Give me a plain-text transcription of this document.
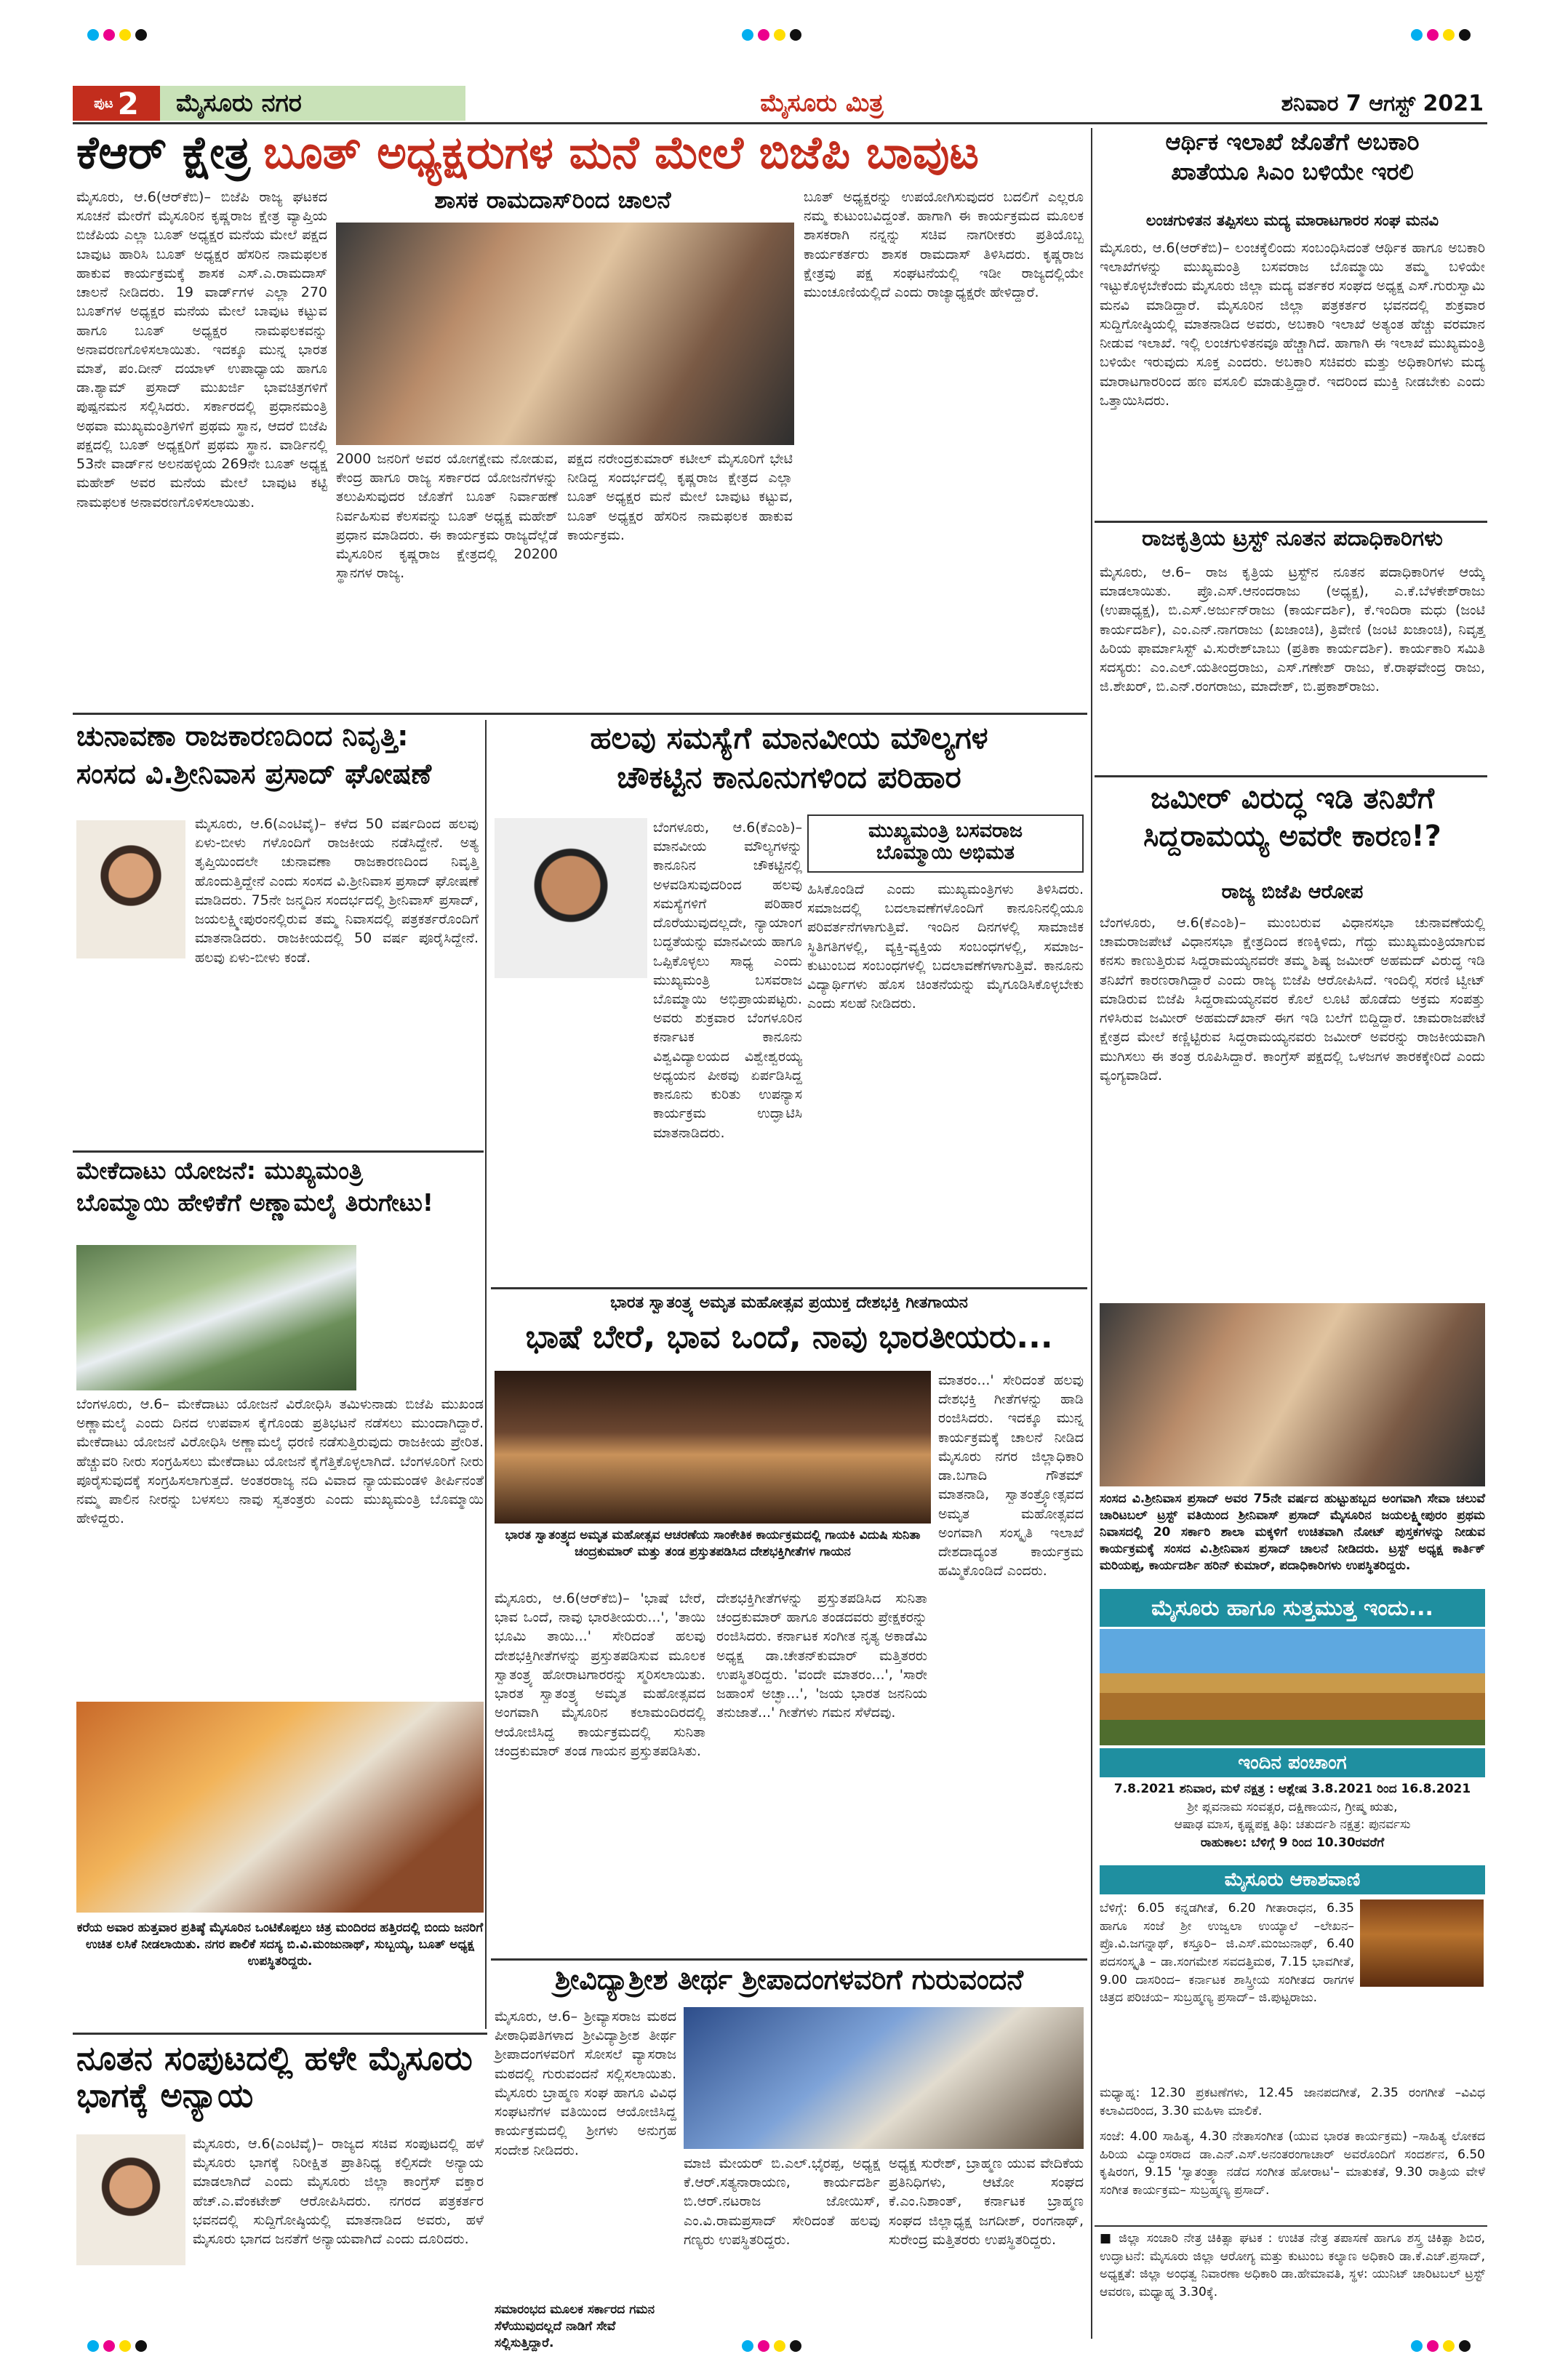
ಪುಟ 2	ಮೈಸೂರು ನಗರ	ಮೈಸೂರು ಮಿತ್ರ	ಶನಿವಾರ 7 ಆಗಸ್ಟ್ 2021
ಕೆಆರ್ ಕ್ಷೇತ್ರ ಬೂತ್ ಅಧ್ಯಕ್ಷರುಗಳ ಮನೆ ಮೇಲೆ ಬಿಜೆಪಿ ಬಾವುಟ
ಮೈಸೂರು, ಆ.6(ಆರ್‌ಕೆಬಿ)– ಬಿಜೆಪಿ ರಾಜ್ಯ ಘಟಕದ ಸೂಚನೆ ಮೇರೆಗೆ ಮೈಸೂರಿನ ಕೃಷ್ಣರಾಜ ಕ್ಷೇತ್ರ ವ್ಯಾಪ್ತಿಯ ಬಿಜೆಪಿಯ ಎಲ್ಲಾ ಬೂತ್ ಅಧ್ಯಕ್ಷರ ಮನೆಯ ಮೇಲೆ ಪಕ್ಷದ ಬಾವುಟ ಹಾರಿಸಿ ಬೂತ್ ಅಧ್ಯಕ್ಷರ ಹೆಸರಿನ ನಾಮಫಲಕ ಹಾಕುವ ಕಾರ್ಯಕ್ರಮಕ್ಕೆ ಶಾಸಕ ಎಸ್.ಎ.ರಾಮದಾಸ್ ಚಾಲನೆ ನೀಡಿದರು. 19 ವಾರ್ಡ್‌ಗಳ ಎಲ್ಲಾ 270 ಬೂತ್‌ಗಳ ಅಧ್ಯಕ್ಷರ ಮನೆಯ ಮೇಲೆ ಬಾವುಟ ಕಟ್ಟುವ ಹಾಗೂ ಬೂತ್ ಅಧ್ಯಕ್ಷರ ನಾಮಫಲಕವನ್ನು ಅನಾವರಣಗೊಳಿಸಲಾಯಿತು. ಇದಕ್ಕೂ ಮುನ್ನ ಭಾರತ ಮಾತೆ, ಪಂ.ದೀನ್ ದಯಾಳ್ ಉಪಾಧ್ಯಾಯ ಹಾಗೂ ಡಾ.ಶ್ಯಾಮ್ ಪ್ರಸಾದ್ ಮುಖರ್ಜಿ ಭಾವಚಿತ್ರಗಳಿಗೆ ಪುಷ್ಪನಮನ ಸಲ್ಲಿಸಿದರು. ಸರ್ಕಾರದಲ್ಲಿ ಪ್ರಧಾನಮಂತ್ರಿ ಅಥವಾ ಮುಖ್ಯಮಂತ್ರಿಗಳಿಗೆ ಪ್ರಥಮ ಸ್ಥಾನ, ಆದರೆ ಬಿಜೆಪಿ ಪಕ್ಷದಲ್ಲಿ ಬೂತ್ ಅಧ್ಯಕ್ಷರಿಗೆ ಪ್ರಥಮ ಸ್ಥಾನ. ವಾರ್ಡಿನಲ್ಲಿ 53ನೇ ವಾರ್ಡ್‌ನ ಅಲನಹಳ್ಳಿಯ 269ನೇ ಬೂತ್ ಅಧ್ಯಕ್ಷ ಮಹೇಶ್ ಅವರ ಮನೆಯ ಮೇಲೆ ಬಾವುಟ ಕಟ್ಟಿ ನಾಮಫಲಕ ಅನಾವರಣಗೊಳಿಸಲಾಯಿತು.
ಶಾಸಕ ರಾಮದಾಸ್‌ರಿಂದ ಚಾಲನೆ
2000 ಜನರಿಗೆ ಅವರ ಯೋಗಕ್ಷೇಮ ನೋಡುವ, ಕೇಂದ್ರ ಹಾಗೂ ರಾಜ್ಯ ಸರ್ಕಾರದ ಯೋಜನೆಗಳನ್ನು ತಲುಪಿಸುವುದರ ಜೊತೆಗೆ ಬೂತ್ ನಿರ್ವಾಹಣೆ ನಿರ್ವಹಿಸುವ ಕೆಲಸವನ್ನು ಬೂತ್ ಅಧ್ಯಕ್ಷ ಮಹೇಶ್ ಪ್ರಧಾನ ಮಾಡಿದರು. ಈ ಕಾರ್ಯಕ್ರಮ ರಾಜ್ಯದೆಲ್ಲೆಡೆ ಮೈಸೂರಿನ ಕೃಷ್ಣರಾಜ ಕ್ಷೇತ್ರದಲ್ಲಿ 20200 ಸ್ಥಾನಗಳ ರಾಜ್ಯ.
ಪಕ್ಷದ ನರೇಂದ್ರಕುಮಾರ್ ಕಟೀಲ್ ಮೈಸೂರಿಗೆ ಭೇಟಿ ನೀಡಿದ್ದ ಸಂದರ್ಭದಲ್ಲಿ ಕೃಷ್ಣರಾಜ ಕ್ಷೇತ್ರದ ಎಲ್ಲಾ ಬೂತ್ ಅಧ್ಯಕ್ಷರ ಮನೆ ಮೇಲೆ ಬಾವುಟ ಕಟ್ಟುವ, ಬೂತ್ ಅಧ್ಯಕ್ಷರ ಹೆಸರಿನ ನಾಮಫಲಕ ಹಾಕುವ ಕಾರ್ಯಕ್ರಮ.
ಬೂತ್ ಅಧ್ಯಕ್ಷರನ್ನು ಉಪಯೋಗಿಸುವುದರ ಬದಲಿಗೆ ಎಲ್ಲರೂ ನಮ್ಮ ಕುಟುಂಬವಿದ್ದಂತೆ. ಹಾಗಾಗಿ ಈ ಕಾರ್ಯಕ್ರಮದ ಮೂಲಕ ಶಾಸಕರಾಗಿ ನನ್ನನ್ನು ಸಚಿವ ನಾಗರೀಕರು ಪ್ರತಿಯೊಬ್ಬ ಕಾರ್ಯಕರ್ತರು ಶಾಸಕ ರಾಮದಾಸ್ ತಿಳಿಸಿದರು. ಕೃಷ್ಣರಾಜ ಕ್ಷೇತ್ರವು ಪಕ್ಷ ಸಂಘಟನೆಯಲ್ಲಿ ಇಡೀ ರಾಜ್ಯದಲ್ಲಿಯೇ ಮುಂಚೂಣಿಯಲ್ಲಿದೆ ಎಂದು ರಾಜ್ಯಾಧ್ಯಕ್ಷರೇ ಹೇಳಿದ್ದಾರೆ.
ಚುನಾವಣಾ ರಾಜಕಾರಣದಿಂದ ನಿವೃತ್ತಿ:
ಸಂಸದ ವಿ.ಶ್ರೀನಿವಾಸ ಪ್ರಸಾದ್ ಘೋಷಣೆ
ಮೈಸೂರು, ಆ.6(ಎಂಟಿವೈ)– ಕಳೆದ 50 ವರ್ಷದಿಂದ ಹಲವು ಏಳು-ಬೀಳು ಗಳೊಂದಿಗೆ ರಾಜಕೀಯ ನಡೆಸಿದ್ದೇನೆ. ಅತ್ಯ ತೃಪ್ತಿಯಿಂದಲೇ ಚುನಾವಣಾ ರಾಜಕಾರಣದಿಂದ ನಿವೃತ್ತಿ ಹೊಂದುತ್ತಿದ್ದೇನೆ ಎಂದು ಸಂಸದ ವಿ.ಶ್ರೀನಿವಾಸ ಪ್ರಸಾದ್ ಘೋಷಣೆ ಮಾಡಿದರು. 75ನೇ ಜನ್ಮದಿನ ಸಂದರ್ಭದಲ್ಲಿ ಶ್ರೀನಿವಾಸ್ ಪ್ರಸಾದ್, ಜಯಲಕ್ಷ್ಮೀಪುರಂನಲ್ಲಿರುವ ತಮ್ಮ ನಿವಾಸದಲ್ಲಿ ಪತ್ರಕರ್ತರೊಂದಿಗೆ ಮಾತನಾಡಿದರು. ರಾಜಕೀಯದಲ್ಲಿ 50 ವರ್ಷ ಪೂರೈಸಿದ್ದೇನೆ. ಹಲವು ಏಳು-ಬೀಳು ಕಂಡೆ.
ಮೇಕೆದಾಟು ಯೋಜನೆ: ಮುಖ್ಯಮಂತ್ರಿ
ಬೊಮ್ಮಾಯಿ ಹೇಳಿಕೆಗೆ ಅಣ್ಣಾಮಲೈ ತಿರುಗೇಟು!
ಬೆಂಗಳೂರು, ಆ.6– ಮೇಕೆದಾಟು ಯೋಜನೆ ವಿರೋಧಿಸಿ ತಮಿಳುನಾಡು ಬಿಜೆಪಿ ಮುಖಂಡ ಅಣ್ಣಾಮಲೈ ಎಂದು ದಿನದ ಉಪವಾಸ ಕೈಗೊಂಡು ಪ್ರತಿಭಟನೆ ನಡೆಸಲು ಮುಂದಾಗಿದ್ದಾರೆ. ಮೇಕೆದಾಟು ಯೋಜನೆ ವಿರೋಧಿಸಿ ಅಣ್ಣಾಮಲೈ ಧರಣಿ ನಡೆಸುತ್ತಿರುವುದು ರಾಜಕೀಯ ಪ್ರೇರಿತ. ಹೆಚ್ಚುವರಿ ನೀರು ಸಂಗ್ರಹಿಸಲು ಮೇಕೆದಾಟು ಯೋಜನೆ ಕೈಗೆತ್ತಿಕೊಳ್ಳಲಾಗಿದೆ. ಬೆಂಗಳೂರಿಗೆ ನೀರು ಪೂರೈಸುವುದಕ್ಕೆ ಸಂಗ್ರಹಿಸಲಾಗುತ್ತದೆ. ಅಂತರರಾಜ್ಯ ನದಿ ವಿವಾದ ನ್ಯಾಯಮಂಡಳಿ ತೀರ್ಪಿನಂತೆ ನಮ್ಮ ಪಾಲಿನ ನೀರನ್ನು ಬಳಸಲು ನಾವು ಸ್ವತಂತ್ರರು ಎಂದು ಮುಖ್ಯಮಂತ್ರಿ ಬೊಮ್ಮಾಯಿ ಹೇಳಿದ್ದರು.
ಕರೆಯ ಅವಾರ ಹುತ್ತವಾರ ಪ್ರತಿಷ್ಠೆ ಮೈಸೂರಿನ ಒಂಟಿಕೊಪ್ಪಲು ಚಿತ್ರ ಮಂದಿರದ ಹತ್ತಿರದಲ್ಲಿ ಬಿಂದು ಜನರಿಗೆ ಉಚಿತ ಲಸಿಕೆ ನೀಡಲಾಯಿತು. ನಗರ ಪಾಲಿಕೆ ಸದಸ್ಯ ಬಿ.ವಿ.ಮಂಜುನಾಥ್, ಸುಬ್ಬಯ್ಯ, ಬೂತ್ ಅಧ್ಯಕ್ಷ ಉಪಸ್ಥಿತರಿದ್ದರು.
ಹಲವು ಸಮಸ್ಯೆಗೆ ಮಾನವೀಯ ಮೌಲ್ಯಗಳ
ಚೌಕಟ್ಟಿನ ಕಾನೂನುಗಳಿಂದ ಪರಿಹಾರ
ಬೆಂಗಳೂರು, ಆ.6(ಕೆಎಂಶಿ)– ಮಾನವೀಯ ಮೌಲ್ಯಗಳನ್ನು ಕಾನೂನಿನ ಚೌಕಟ್ಟಿನಲ್ಲಿ ಅಳವಡಿಸುವುದರಿಂದ ಹಲವು ಸಮಸ್ಯೆಗಳಿಗೆ ಪರಿಹಾರ ದೊರೆಯುವುದಲ್ಲದೇ, ನ್ಯಾಯಾಂಗ ಬದ್ಧತೆಯನ್ನು ಮಾನವೀಯ ಹಾಗೂ ಒಪ್ಪಿಕೊಳ್ಳಲು ಸಾಧ್ಯ ಎಂದು ಮುಖ್ಯಮಂತ್ರಿ ಬಸವರಾಜ ಬೊಮ್ಮಾಯಿ ಅಭಿಪ್ರಾಯಪಟ್ಟರು. ಅವರು ಶುಕ್ರವಾರ ಬೆಂಗಳೂರಿನ ಕರ್ನಾಟಕ ಕಾನೂನು ವಿಶ್ವವಿದ್ಯಾಲಯದ ವಿಶ್ವೇಶ್ವರಯ್ಯ ಅಧ್ಯಯನ ಪೀಠವು ಏರ್ಪಡಿಸಿದ್ದ ಕಾನೂನು ಕುರಿತು ಉಪನ್ಯಾಸ ಕಾರ್ಯಕ್ರಮ ಉದ್ಘಾಟಿಸಿ ಮಾತನಾಡಿದರು.
ಮುಖ್ಯಮಂತ್ರಿ ಬಸವರಾಜ
ಬೊಮ್ಮಾಯಿ ಅಭಿಮತ
ಹಿಸಿಕೊಂಡಿದೆ ಎಂದು ಮುಖ್ಯಮಂತ್ರಿಗಳು ತಿಳಿಸಿದರು. ಸಮಾಜದಲ್ಲಿ ಬದಲಾವಣೆಗಳೊಂದಿಗೆ ಕಾನೂನಿನಲ್ಲಿಯೂ ಪರಿವರ್ತನೆಗಳಾಗುತ್ತಿವೆ. ಇಂದಿನ ದಿನಗಳಲ್ಲಿ ಸಾಮಾಜಿಕ ಸ್ಥಿತಿಗತಿಗಳಲ್ಲಿ, ವ್ಯಕ್ತಿ-ವ್ಯಕ್ತಿಯ ಸಂಬಂಧಗಳಲ್ಲಿ, ಸಮಾಜ-ಕುಟುಂಬದ ಸಂಬಂಧಗಳಲ್ಲಿ ಬದಲಾವಣೆಗಳಾಗುತ್ತಿವೆ. ಕಾನೂನು ವಿದ್ಯಾರ್ಥಿಗಳು ಹೊಸ ಚಿಂತನೆಯನ್ನು ಮೈಗೂಡಿಸಿಕೊಳ್ಳಬೇಕು ಎಂದು ಸಲಹೆ ನೀಡಿದರು.
ಭಾರತ ಸ್ವಾತಂತ್ರ್ಯ ಅಮೃತ ಮಹೋತ್ಸವ ಪ್ರಯುಕ್ತ ದೇಶಭಕ್ತಿ ಗೀತಗಾಯನ
ಭಾಷೆ ಬೇರೆ, ಭಾವ ಒಂದೆ, ನಾವು ಭಾರತೀಯರು...
ಭಾರತ ಸ್ವಾತಂತ್ರ್ಯದ ಅಮೃತ ಮಹೋತ್ಸವ ಆಚರಣೆಯ ಸಾಂಕೇತಿಕ ಕಾರ್ಯಕ್ರಮದಲ್ಲಿ ಗಾಯಕಿ ವಿದುಷಿ ಸುನಿತಾ ಚಂದ್ರಕುಮಾರ್ ಮತ್ತು ತಂಡ ಪ್ರಸ್ತುತಪಡಿಸಿದ ದೇಶಭಕ್ತಿಗೀತೆಗಳ ಗಾಯನ
ಮೈಸೂರು, ಆ.6(ಆರ್‌ಕೆಬಿ)– 'ಭಾಷೆ ಬೇರೆ, ಭಾವ ಒಂದೆ, ನಾವು ಭಾರತೀಯರು...', 'ತಾಯಿ ಭೂಮಿ ತಾಯಿ...' ಸೇರಿದಂತೆ ಹಲವು ದೇಶಭಕ್ತಿಗೀತೆಗಳನ್ನು ಪ್ರಸ್ತುತಪಡಿಸುವ ಮೂಲಕ ಸ್ವಾತಂತ್ರ್ಯ ಹೋರಾಟಗಾರರನ್ನು ಸ್ಮರಿಸಲಾಯಿತು. ಭಾರತ ಸ್ವಾತಂತ್ರ್ಯ ಅಮೃತ ಮಹೋತ್ಸವದ ಅಂಗವಾಗಿ ಮೈಸೂರಿನ ಕಲಾಮಂದಿರದಲ್ಲಿ ಆಯೋಜಿಸಿದ್ದ ಕಾರ್ಯಕ್ರಮದಲ್ಲಿ ಸುನಿತಾ ಚಂದ್ರಕುಮಾರ್ ತಂಡ ಗಾಯನ ಪ್ರಸ್ತುತಪಡಿಸಿತು.
ದೇಶಭಕ್ತಿಗೀತೆಗಳನ್ನು ಪ್ರಸ್ತುತಪಡಿಸಿದ ಸುನಿತಾ ಚಂದ್ರಕುಮಾರ್ ಹಾಗೂ ತಂಡದವರು ಪ್ರೇಕ್ಷಕರನ್ನು ರಂಜಿಸಿದರು. ಕರ್ನಾಟಕ ಸಂಗೀತ ನೃತ್ಯ ಅಕಾಡೆಮಿ ಅಧ್ಯಕ್ಷ ಡಾ.ಚೇತನ್‌ಕುಮಾರ್ ಮತ್ತಿತರರು ಉಪಸ್ಥಿತರಿದ್ದರು. 'ವಂದೇ ಮಾತರಂ...', 'ಸಾರೇ ಜಹಾಂಸೆ ಅಚ್ಛಾ...', 'ಜಯ ಭಾರತ ಜನನಿಯ ತನುಜಾತೆ...' ಗೀತೆಗಳು ಗಮನ ಸೆಳೆದವು.
ಮಾತರಂ...' ಸೇರಿದಂತೆ ಹಲವು ದೇಶಭಕ್ತಿ ಗೀತೆಗಳನ್ನು ಹಾಡಿ ರಂಜಿಸಿದರು. ಇದಕ್ಕೂ ಮುನ್ನ ಕಾರ್ಯಕ್ರಮಕ್ಕೆ ಚಾಲನೆ ನೀಡಿದ ಮೈಸೂರು ನಗರ ಜಿಲ್ಲಾಧಿಕಾರಿ ಡಾ.ಬಗಾದಿ ಗೌತಮ್ ಮಾತನಾಡಿ, ಸ್ವಾತಂತ್ರ್ಯೋತ್ಸವದ ಅಮೃತ ಮಹೋತ್ಸವದ ಅಂಗವಾಗಿ ಸಂಸ್ಕೃತಿ ಇಲಾಖೆ ದೇಶದಾದ್ಯಂತ ಕಾರ್ಯಕ್ರಮ ಹಮ್ಮಿಕೊಂಡಿದೆ ಎಂದರು.
ಶ್ರೀವಿದ್ಯಾಶ್ರೀಶ ತೀರ್ಥ ಶ್ರೀಪಾದಂಗಳವರಿಗೆ ಗುರುವಂದನೆ
ಮೈಸೂರು, ಆ.6– ಶ್ರೀವ್ಯಾಸರಾಜ ಮಠದ ಪೀಠಾಧಿಪತಿಗಳಾದ ಶ್ರೀವಿದ್ಯಾಶ್ರೀಶ ತೀರ್ಥ ಶ್ರೀಪಾದಂಗಳವರಿಗೆ ಸೋಸಲೆ ವ್ಯಾಸರಾಜ ಮಠದಲ್ಲಿ ಗುರುವಂದನೆ ಸಲ್ಲಿಸಲಾಯಿತು. ಮೈಸೂರು ಬ್ರಾಹ್ಮಣ ಸಂಘ ಹಾಗೂ ವಿವಿಧ ಸಂಘಟನೆಗಳ ವತಿಯಿಂದ ಆಯೋಜಿಸಿದ್ದ ಕಾರ್ಯಕ್ರಮದಲ್ಲಿ ಶ್ರೀಗಳು ಅನುಗ್ರಹ ಸಂದೇಶ ನೀಡಿದರು.
ಮಾಜಿ ಮೇಯರ್ ಬಿ.ಎಲ್.ಭೈರಪ್ಪ, ಅಧ್ಯಕ್ಷ ಕೆ.ಆರ್.ಸತ್ಯನಾರಾಯಣ, ಕಾರ್ಯದರ್ಶಿ ಬಿ.ಆರ್.ನಟರಾಜ ಜೋಯಿಸ್, ಎಂ.ವಿ.ರಾಮಪ್ರಸಾದ್ ಸೇರಿದಂತೆ ಹಲವು ಗಣ್ಯರು ಉಪಸ್ಥಿತರಿದ್ದರು.
ಅಧ್ಯಕ್ಷ ಸುರೇಶ್, ಬ್ರಾಹ್ಮಣ ಯುವ ವೇದಿಕೆಯ ಪ್ರತಿನಿಧಿಗಳು, ಆಟೋ ಸಂಘದ ಕೆ.ಎಂ.ನಿಶಾಂತ್, ಕರ್ನಾಟಕ ಬ್ರಾಹ್ಮಣ ಸಂಘದ ಜಿಲ್ಲಾಧ್ಯಕ್ಷ ಜಗದೀಶ್, ರಂಗನಾಥ್, ಸುರೇಂದ್ರ ಮತ್ತಿತರರು ಉಪಸ್ಥಿತರಿದ್ದರು.
ಸಮಾರಂಭದ ಮೂಲಕ ಸರ್ಕಾರದ ಗಮನ ಸೆಳೆಯುವುದಲ್ಲದೆ ನಾಡಿಗೆ ಸೇವೆ ಸಲ್ಲಿಸುತ್ತಿದ್ದಾರೆ.
ನೂತನ ಸಂಪುಟದಲ್ಲಿ ಹಳೇ ಮೈಸೂರು ಭಾಗಕ್ಕೆ ಅನ್ಯಾಯ
ಮೈಸೂರು, ಆ.6(ಎಂಟಿವೈ)– ರಾಜ್ಯದ ಸಚಿವ ಸಂಪುಟದಲ್ಲಿ ಹಳೆ ಮೈಸೂರು ಭಾಗಕ್ಕೆ ನಿರೀಕ್ಷಿತ ಪ್ರಾತಿನಿಧ್ಯ ಕಲ್ಪಿಸದೇ ಅನ್ಯಾಯ ಮಾಡಲಾಗಿದೆ ಎಂದು ಮೈಸೂರು ಜಿಲ್ಲಾ ಕಾಂಗ್ರೆಸ್ ವಕ್ತಾರ ಹೆಚ್.ಎ.ವೆಂಕಟೇಶ್ ಆರೋಪಿಸಿದರು. ನಗರದ ಪತ್ರಕರ್ತರ ಭವನದಲ್ಲಿ ಸುದ್ದಿಗೋಷ್ಠಿಯಲ್ಲಿ ಮಾತನಾಡಿದ ಅವರು, ಹಳೆ ಮೈಸೂರು ಭಾಗದ ಜನತೆಗೆ ಅನ್ಯಾಯವಾಗಿದೆ ಎಂದು ದೂರಿದರು.
ಆರ್ಥಿಕ ಇಲಾಖೆ ಜೊತೆಗೆ ಅಬಕಾರಿ
ಖಾತೆಯೂ ಸಿಎಂ ಬಳಿಯೇ ಇರಲಿ
ಲಂಚಗುಳಿತನ ತಪ್ಪಿಸಲು ಮದ್ಯ ಮಾರಾಟಗಾರರ ಸಂಘ ಮನವಿ
ಮೈಸೂರು, ಆ.6(ಆರ್‌ಕೆಬಿ)– ಲಂಚಕ್ಕೆಲಿಂದು ಸಂಬಂಧಿಸಿದಂತೆ ಆರ್ಥಿಕ ಹಾಗೂ ಅಬಕಾರಿ ಇಲಾಖೆಗಳನ್ನು ಮುಖ್ಯಮಂತ್ರಿ ಬಸವರಾಜ ಬೊಮ್ಮಾಯಿ ತಮ್ಮ ಬಳಿಯೇ ಇಟ್ಟುಕೊಳ್ಳಬೇಕೆಂದು ಮೈಸೂರು ಜಿಲ್ಲಾ ಮದ್ಯ ವರ್ತಕರ ಸಂಘದ ಅಧ್ಯಕ್ಷ ಎಸ್.ಗುರುಸ್ವಾಮಿ ಮನವಿ ಮಾಡಿದ್ದಾರೆ. ಮೈಸೂರಿನ ಜಿಲ್ಲಾ ಪತ್ರಕರ್ತರ ಭವನದಲ್ಲಿ ಶುಕ್ರವಾರ ಸುದ್ದಿಗೋಷ್ಠಿಯಲ್ಲಿ ಮಾತನಾಡಿದ ಅವರು, ಅಬಕಾರಿ ಇಲಾಖೆ ಅತ್ಯಂತ ಹೆಚ್ಚು ವರಮಾನ ನೀಡುವ ಇಲಾಖೆ. ಇಲ್ಲಿ ಲಂಚಗುಳಿತನವೂ ಹೆಚ್ಚಾಗಿದೆ. ಹಾಗಾಗಿ ಈ ಇಲಾಖೆ ಮುಖ್ಯಮಂತ್ರಿ ಬಳಿಯೇ ಇರುವುದು ಸೂಕ್ತ ಎಂದರು. ಅಬಕಾರಿ ಸಚಿವರು ಮತ್ತು ಅಧಿಕಾರಿಗಳು ಮದ್ಯ ಮಾರಾಟಗಾರರಿಂದ ಹಣ ವಸೂಲಿ ಮಾಡುತ್ತಿದ್ದಾರೆ. ಇದರಿಂದ ಮುಕ್ತಿ ನೀಡಬೇಕು ಎಂದು ಒತ್ತಾಯಿಸಿದರು.
ರಾಜಕೃತ್ರಿಯ ಟ್ರಸ್ಟ್ ನೂತನ ಪದಾಧಿಕಾರಿಗಳು
ಮೈಸೂರು, ಆ.6– ರಾಜ ಕೃತ್ರಿಯ ಟ್ರಸ್ಟ್‌ನ ನೂತನ ಪದಾಧಿಕಾರಿಗಳ ಆಯ್ಕೆ ಮಾಡಲಾಯಿತು. ಪ್ರೊ.ಎಸ್.ಆನಂದರಾಜು (ಅಧ್ಯಕ್ಷ), ಎ.ಕೆ.ಬೆಳಕೇಶ್‌ರಾಜು (ಉಪಾಧ್ಯಕ್ಷ), ಬಿ.ಎಸ್.ಅರ್ಜುನ್‌ರಾಜು (ಕಾರ್ಯದರ್ಶಿ), ಕೆ.ಇಂದಿರಾ ಮಧು (ಜಂಟಿ ಕಾರ್ಯದರ್ಶಿ), ಎಂ.ಎನ್.ನಾಗರಾಜು (ಖಜಾಂಚಿ), ತ್ರಿವೇಣಿ (ಜಂಟಿ ಖಜಾಂಚಿ), ನಿವೃತ್ತ ಹಿರಿಯ ಫಾರ್ಮಾಸಿಸ್ಟ್ ವಿ.ಸುರೇಶ್‌ಬಾಬು (ಪ್ರತಿಕಾ ಕಾರ್ಯದರ್ಶಿ). ಕಾರ್ಯಕಾರಿ ಸಮಿತಿ ಸದಸ್ಯರು: ಎಂ.ಎಲ್.ಯತೀಂದ್ರರಾಜು, ಎಸ್.ಗಣೇಶ್ ರಾಜು, ಕೆ.ರಾಘವೇಂದ್ರ ರಾಜು, ಜಿ.ಶೇಖರ್, ಬಿ.ಎನ್.ರಂಗರಾಜು, ಮಾದೇಶ್, ಬಿ.ಪ್ರಕಾಶ್‌ರಾಜು.
ಜಮೀರ್ ವಿರುದ್ಧ ಇಡಿ ತನಿಖೆಗೆ
ಸಿದ್ದರಾಮಯ್ಯ ಅವರೇ ಕಾರಣ!?
ರಾಜ್ಯ ಬಿಜೆಪಿ ಆರೋಪ
ಬೆಂಗಳೂರು, ಆ.6(ಕೆಎಂಶಿ)– ಮುಂಬರುವ ವಿಧಾನಸಭಾ ಚುನಾವಣೆಯಲ್ಲಿ ಚಾಮರಾಜಪೇಟೆ ವಿಧಾನಸಭಾ ಕ್ಷೇತ್ರದಿಂದ ಕಣಕ್ಕಿಳಿದು, ಗೆದ್ದು ಮುಖ್ಯಮಂತ್ರಿಯಾಗುವ ಕನಸು ಕಾಣುತ್ತಿರುವ ಸಿದ್ದರಾಮಯ್ಯನವರೇ ತಮ್ಮ ಶಿಷ್ಯ ಜಮೀರ್ ಅಹಮದ್ ವಿರುದ್ಧ ಇಡಿ ತನಿಖೆಗೆ ಕಾರಣರಾಗಿದ್ದಾರೆ ಎಂದು ರಾಜ್ಯ ಬಿಜೆಪಿ ಆರೋಪಿಸಿದೆ. ಇಂದಿಲ್ಲಿ ಸರಣಿ ಟ್ವೀಟ್ ಮಾಡಿರುವ ಬಿಜೆಪಿ ಸಿದ್ದರಾಮಯ್ಯನವರ ಕೊಲೆ ಲೂಟಿ ಹೊಡೆದು ಅಕ್ರಮ ಸಂಪತ್ತು ಗಳಿಸಿರುವ ಜಮೀರ್ ಅಹಮದ್‌ಖಾನ್ ಈಗ ಇಡಿ ಬಲೆಗೆ ಬಿದ್ದಿದ್ದಾರೆ. ಚಾಮರಾಜಪೇಟೆ ಕ್ಷೇತ್ರದ ಮೇಲೆ ಕಣ್ಣಿಟ್ಟಿರುವ ಸಿದ್ದರಾಮಯ್ಯನವರು ಜಮೀರ್ ಅವರನ್ನು ರಾಜಕೀಯವಾಗಿ ಮುಗಿಸಲು ಈ ತಂತ್ರ ರೂಪಿಸಿದ್ದಾರೆ. ಕಾಂಗ್ರೆಸ್ ಪಕ್ಷದಲ್ಲಿ ಒಳಜಗಳ ತಾರಕಕ್ಕೇರಿದೆ ಎಂದು ವ್ಯಂಗ್ಯವಾಡಿದೆ.
ಸಂಸದ ವಿ.ಶ್ರೀನಿವಾಸ ಪ್ರಸಾದ್ ಅವರ 75ನೇ ವರ್ಷದ ಹುಟ್ಟುಹಬ್ಬದ ಅಂಗವಾಗಿ ಸೇವಾ ಚಲುವೆ ಚಾರಿಟಬಲ್ ಟ್ರಸ್ಟ್ ವತಿಯಿಂದ ಶ್ರೀನಿವಾಸ್ ಪ್ರಸಾದ್ ಮೈಸೂರಿನ ಜಯಲಕ್ಷ್ಮೀಪುರಂ ಪ್ರಥಮ ನಿವಾಸದಲ್ಲಿ 20 ಸರ್ಕಾರಿ ಶಾಲಾ ಮಕ್ಕಳಿಗೆ ಉಚಿತವಾಗಿ ನೋಟ್ ಪುಸ್ತಕಗಳನ್ನು ನೀಡುವ ಕಾರ್ಯಕ್ರಮಕ್ಕೆ ಸಂಸದ ವಿ.ಶ್ರೀನಿವಾಸ ಪ್ರಸಾದ್ ಚಾಲನೆ ನೀಡಿದರು. ಟ್ರಸ್ಟ್ ಅಧ್ಯಕ್ಷ ಕಾರ್ತಿಕ್ ಮರಿಯಪ್ಪ, ಕಾರ್ಯದರ್ಶಿ ಹರಿನ್ ಕುಮಾರ್, ಪದಾಧಿಕಾರಿಗಳು ಉಪಸ್ಥಿತರಿದ್ದರು.
ಮೈಸೂರು ಹಾಗೂ ಸುತ್ತಮುತ್ತ ಇಂದು...
ಇಂದಿನ ಪಂಚಾಂಗ
7.8.2021 ಶನಿವಾರ, ಮಳೆ ನಕ್ಷತ್ರ : ಆಶ್ಲೇಷ 3.8.2021 ರಿಂದ 16.8.2021
ಶ್ರೀ ಪ್ಲವನಾಮ ಸಂವತ್ಸರ, ದಕ್ಷಿಣಾಯನ, ಗ್ರೀಷ್ಮ ಋತು,
ಆಷಾಢ ಮಾಸ, ಕೃಷ್ಣಪಕ್ಷ ತಿಥಿ: ಚತುರ್ದಶಿ ನಕ್ಷತ್ರ: ಪುನರ್ವಸು
ರಾಹುಕಾಲ: ಬೆಳಿಗ್ಗೆ 9 ರಿಂದ 10.30ರವರೆಗೆ
ಮೈಸೂರು ಆಕಾಶವಾಣಿ
ಬೆಳಿಗ್ಗೆ: 6.05 ಕನ್ನಡಗೀತೆ, 6.20 ಗೀತಾರಾಧನ, 6.35 ಹಾಗೂ ಸಂಜೆ ಶ್ರೀ ಉಜ್ವಲಾ ಉಯ್ಯಾಲೆ –ಲೇಖನ– ಪ್ರೊ.ವಿ.ಜಗನ್ನಾಥ್, ಕಸ್ತೂರಿ– ಜಿ.ಎಸ್.ಮಂಜುನಾಥ್, 6.40 ಪದಸಂಸ್ಕೃತಿ – ಡಾ.ಸಂಗಮೇಶ ಸವದತ್ತಿಮಠ, 7.15 ಭಾವಗೀತೆ, 9.00 ದಾಸರಿಂದ– ಕರ್ನಾಟಕ ಶಾಸ್ತ್ರೀಯ ಸಂಗೀತದ ರಾಗಗಳ ಚಿತ್ರದ ಪರಿಚಯ– ಸುಬ್ರಹ್ಮಣ್ಯ ಪ್ರಸಾದ್– ಜಿ.ಪುಟ್ಟರಾಜು.
ಮಧ್ಯಾಹ್ನ: 12.30 ಪ್ರಕಟಣೆಗಳು, 12.45 ಜಾನಪದಗೀತೆ, 2.35 ರಂಗಗೀತೆ –ವಿವಿಧ ಕಲಾವಿದರಿಂದ, 3.30 ಮಹಿಳಾ ಮಾಲಿಕೆ.
ಸಂಜೆ: 4.00 ಸಾಹಿತ್ಯ, 4.30 ನೇತಾಸಂಗೀತ (ಯುವ ಭಾರತ ಕಾರ್ಯಕ್ರಮ) –ಸಾಹಿತ್ಯ ಲೋಕದ ಹಿರಿಯ ವಿದ್ವಾಂಸರಾದ ಡಾ.ಎನ್.ಎಸ್.ಅನಂತರಂಗಾಚಾರ್ ಅವರೊಂದಿಗೆ ಸಂದರ್ಶನ, 6.50 ಕೃಷಿರಂಗ, 9.15 'ಸ್ವಾತಂತ್ರ್ಯಾ ನಡೆದ ಸಂಗೀತ ಹೋರಾಟ'– ಮಾತುಕತೆ, 9.30 ರಾತ್ರಿಯ ವೇಳೆ ಸಂಗೀತ ಕಾರ್ಯಕ್ರಮ– ಸುಬ್ರಹ್ಮಣ್ಯ ಪ್ರಸಾದ್.
■ ಜಿಲ್ಲಾ ಸಂಚಾರಿ ನೇತ್ರ ಚಿಕಿತ್ಸಾ ಘಟಕ : ಉಚಿತ ನೇತ್ರ ತಪಾಸಣೆ ಹಾಗೂ ಶಸ್ತ್ರ ಚಿಕಿತ್ಸಾ ಶಿಬಿರ, ಉದ್ಘಾಟನೆ: ಮೈಸೂರು ಜಿಲ್ಲಾ ಆರೋಗ್ಯ ಮತ್ತು ಕುಟುಂಬ ಕಲ್ಯಾಣ ಅಧಿಕಾರಿ ಡಾ.ಕೆ.ಎಚ್.ಪ್ರಸಾದ್, ಅಧ್ಯಕ್ಷತೆ: ಜಿಲ್ಲಾ ಅಂಧತ್ವ ನಿವಾರಣಾ ಅಧಿಕಾರಿ ಡಾ.ಹೇಮಾವತಿ, ಸ್ಥಳ: ಯುನಿಟ್ ಚಾರಿಟಬಲ್ ಟ್ರಸ್ಟ್ ಆವರಣ, ಮಧ್ಯಾಹ್ನ 3.30ಕ್ಕೆ.
